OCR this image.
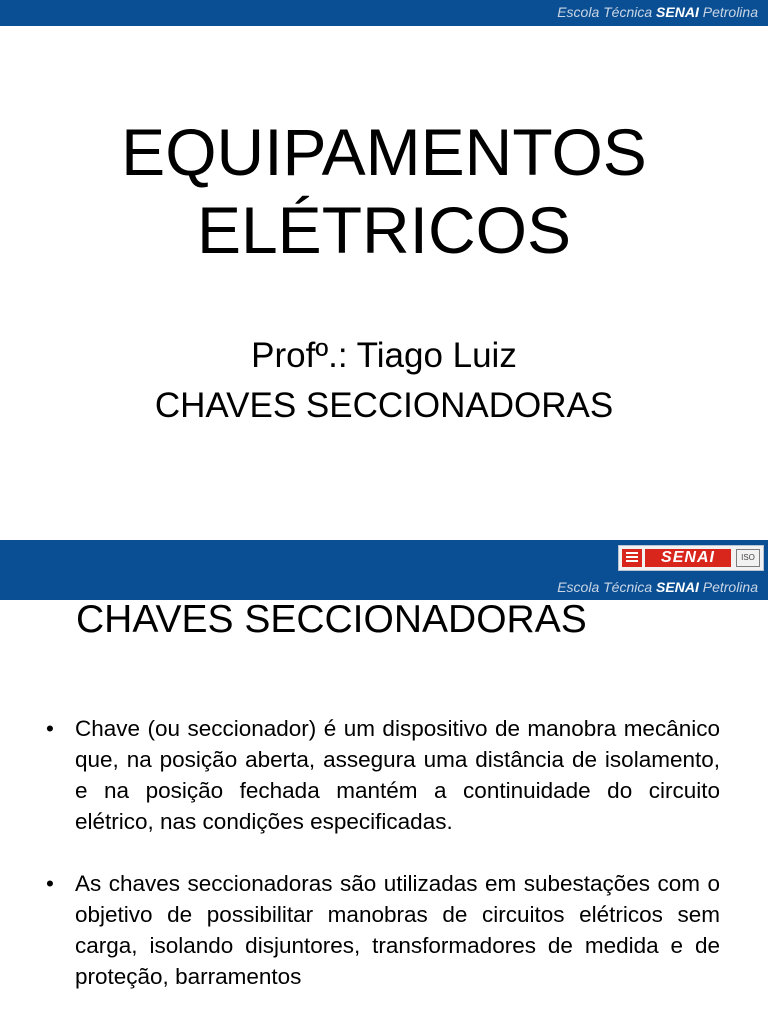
Escola Técnica SENAI Petrolina
EQUIPAMENTOS
ELÉTRICOS
Profº.: Tiago Luiz
CHAVES SECCIONADORAS
SENAI	ISO
Escola Técnica SENAI Petrolina
CHAVES SECCIONADORAS
• Chave (ou seccionador) é um dispositivo de manobra mecânico que, na posição aberta, assegura uma distância de isolamento, e na posição fechada mantém a continuidade do circuito elétrico, nas condições especificadas.
• As chaves seccionadoras são utilizadas em subestações com o objetivo de possibilitar manobras de circuitos elétricos sem carga, isolando disjuntores, transformadores de medida e de proteção, barramentos
